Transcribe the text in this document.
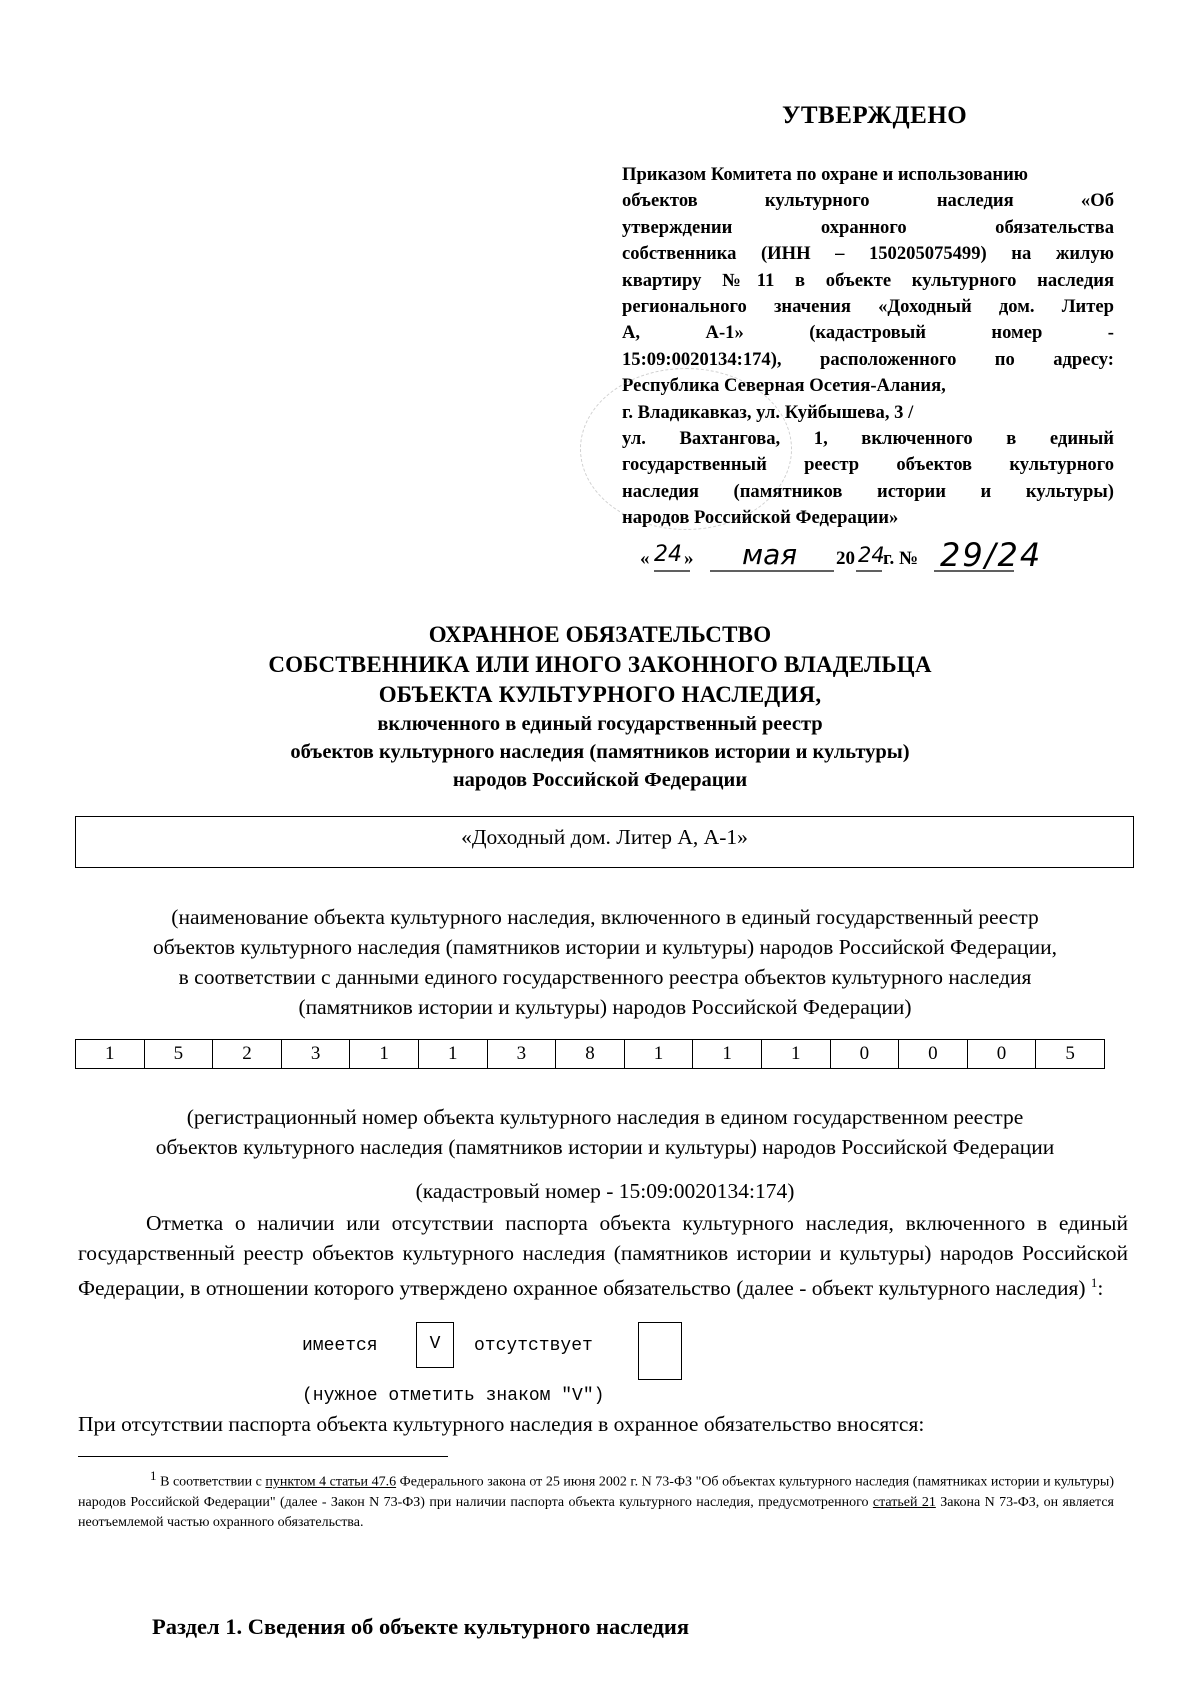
УТВЕРЖДЕНО
Приказом Комитета по охране и использованию
объектов культурного наследия «Об
утверждении охранного обязательства
собственника (ИНН – 150205075499) на жилую
квартиру №11 в объекте культурного наследия
регионального значения «Доходный дом. Литер
А, А-1» (кадастровый номер -
15:09:0020134:174), расположенного по адресу:
Республика Северная Осетия-Алания,
г. Владикавказ, ул. Куйбышева, 3 /
ул. Вахтангова, 1, включенного в единый
государственный реестр объектов культурного
наследия (памятников истории и культуры)
народов Российской Федерации»
« 24 » мая 20 24
г. № 29/24
ОХРАННОЕ ОБЯЗАТЕЛЬСТВО
СОБСТВЕННИКА ИЛИ ИНОГО ЗАКОННОГО ВЛАДЕЛЬЦА
ОБЪЕКТА КУЛЬТУРНОГО НАСЛЕДИЯ,
включенного в единый государственный реестр
объектов культурного наследия (памятников истории и культуры)
народов Российской Федерации
«Доходный дом. Литер А, А-1»
(наименование объекта культурного наследия, включенного в единый государственный реестр
объектов культурного наследия (памятников истории и культуры) народов Российской Федерации,
в соответствии с данными единого государственного реестра объектов культурного наследия
(памятников истории и культуры) народов Российской Федерации)
1	5	2	3	1	1	3	8	1	1	1	0	0	0	5
(регистрационный номер объекта культурного наследия в едином государственном реестре
объектов культурного наследия (памятников истории и культуры) народов Российской Федерации
(кадастровый номер - 15:09:0020134:174)
Отметка о наличии или отсутствии паспорта объекта культурного наследия, включенного в единый государственный реестр объектов культурного наследия (памятников истории и культуры) народов Российской Федерации, в отношении которого утверждено охранное обязательство (далее - объект культурного наследия) $^1$:
имеется	V	отсутствует
(нужное отметить знаком "V")
При отсутствии паспорта объекта культурного наследия в охранное обязательство вносятся:
$^1$ В соответствии с пунктом 4 статьи 47.6 Федерального закона от 25 июня 2002 г. N 73-ФЗ "Об объектах культурного наследия (памятниках истории и культуры) народов Российской Федерации" (далее - Закон N 73-ФЗ) при наличии паспорта объекта культурного наследия, предусмотренного статьей 21 Закона N 73-ФЗ, он является неотъемлемой частью охранного обязательства.
Раздел 1. Сведения об объекте культурного наследия
